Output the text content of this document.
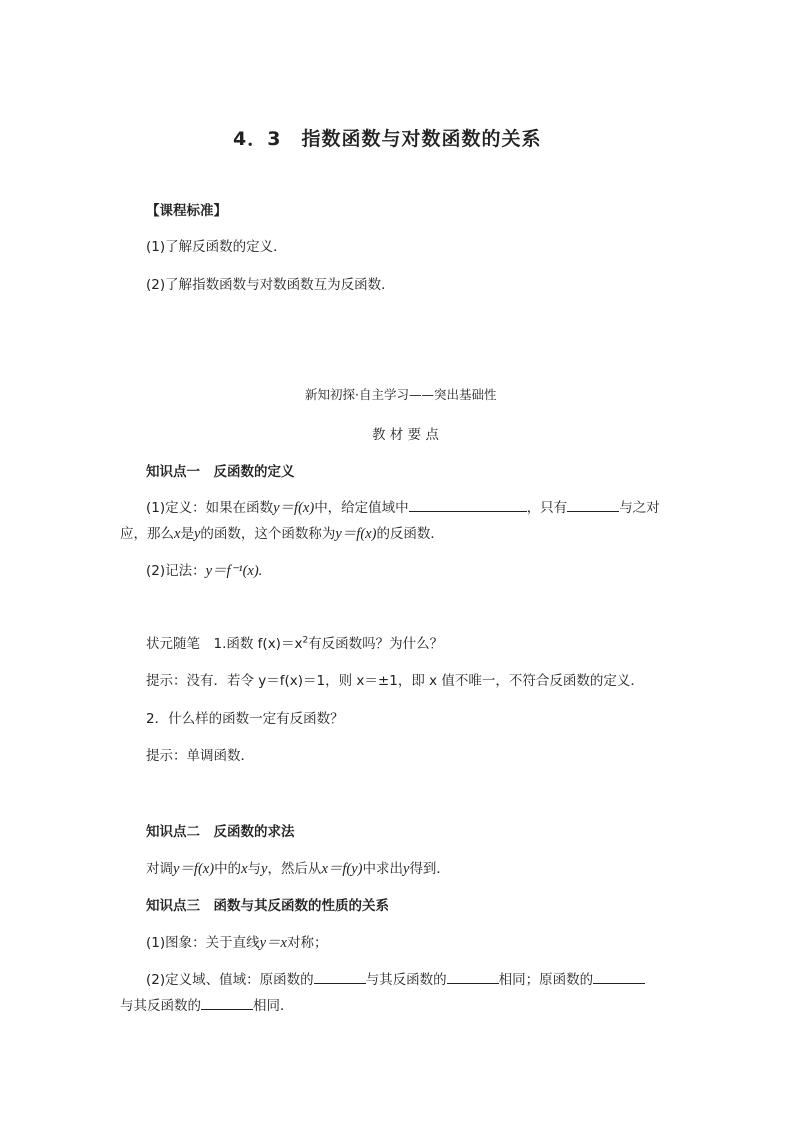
4．3　指数函数与对数函数的关系
【课程标准】
(1)了解反函数的定义．
(2)了解指数函数与对数函数互为反函数．
新知初探·自主学习——突出基础性
教 材 要 点
知识点一　反函数的定义
(1)定义：如果在函数y＝f(x)中，给定值域中	，只有	与之对
应，那么x是y的函数，这个函数称为y＝f(x)的反函数．
(2)记法：y＝f⁻¹(x).
状元随笔　1.函数 $f(x)=x^2$有反函数吗？为什么？
提示：没有．若令 y＝f(x)＝1，则 x＝±1，即 x 值不唯一，不符合反函数的定义．
2．什么样的函数一定有反函数？
提示：单调函数．
知识点二　反函数的求法
对调y＝f(x)中的x与y，然后从x＝f(y)中求出y得到．
知识点三　函数与其反函数的性质的关系
(1)图象：关于直线y＝x对称；
(2)定义域、值域：原函数的	与其反函数的	相同；原函数的
与其反函数的	相同．
